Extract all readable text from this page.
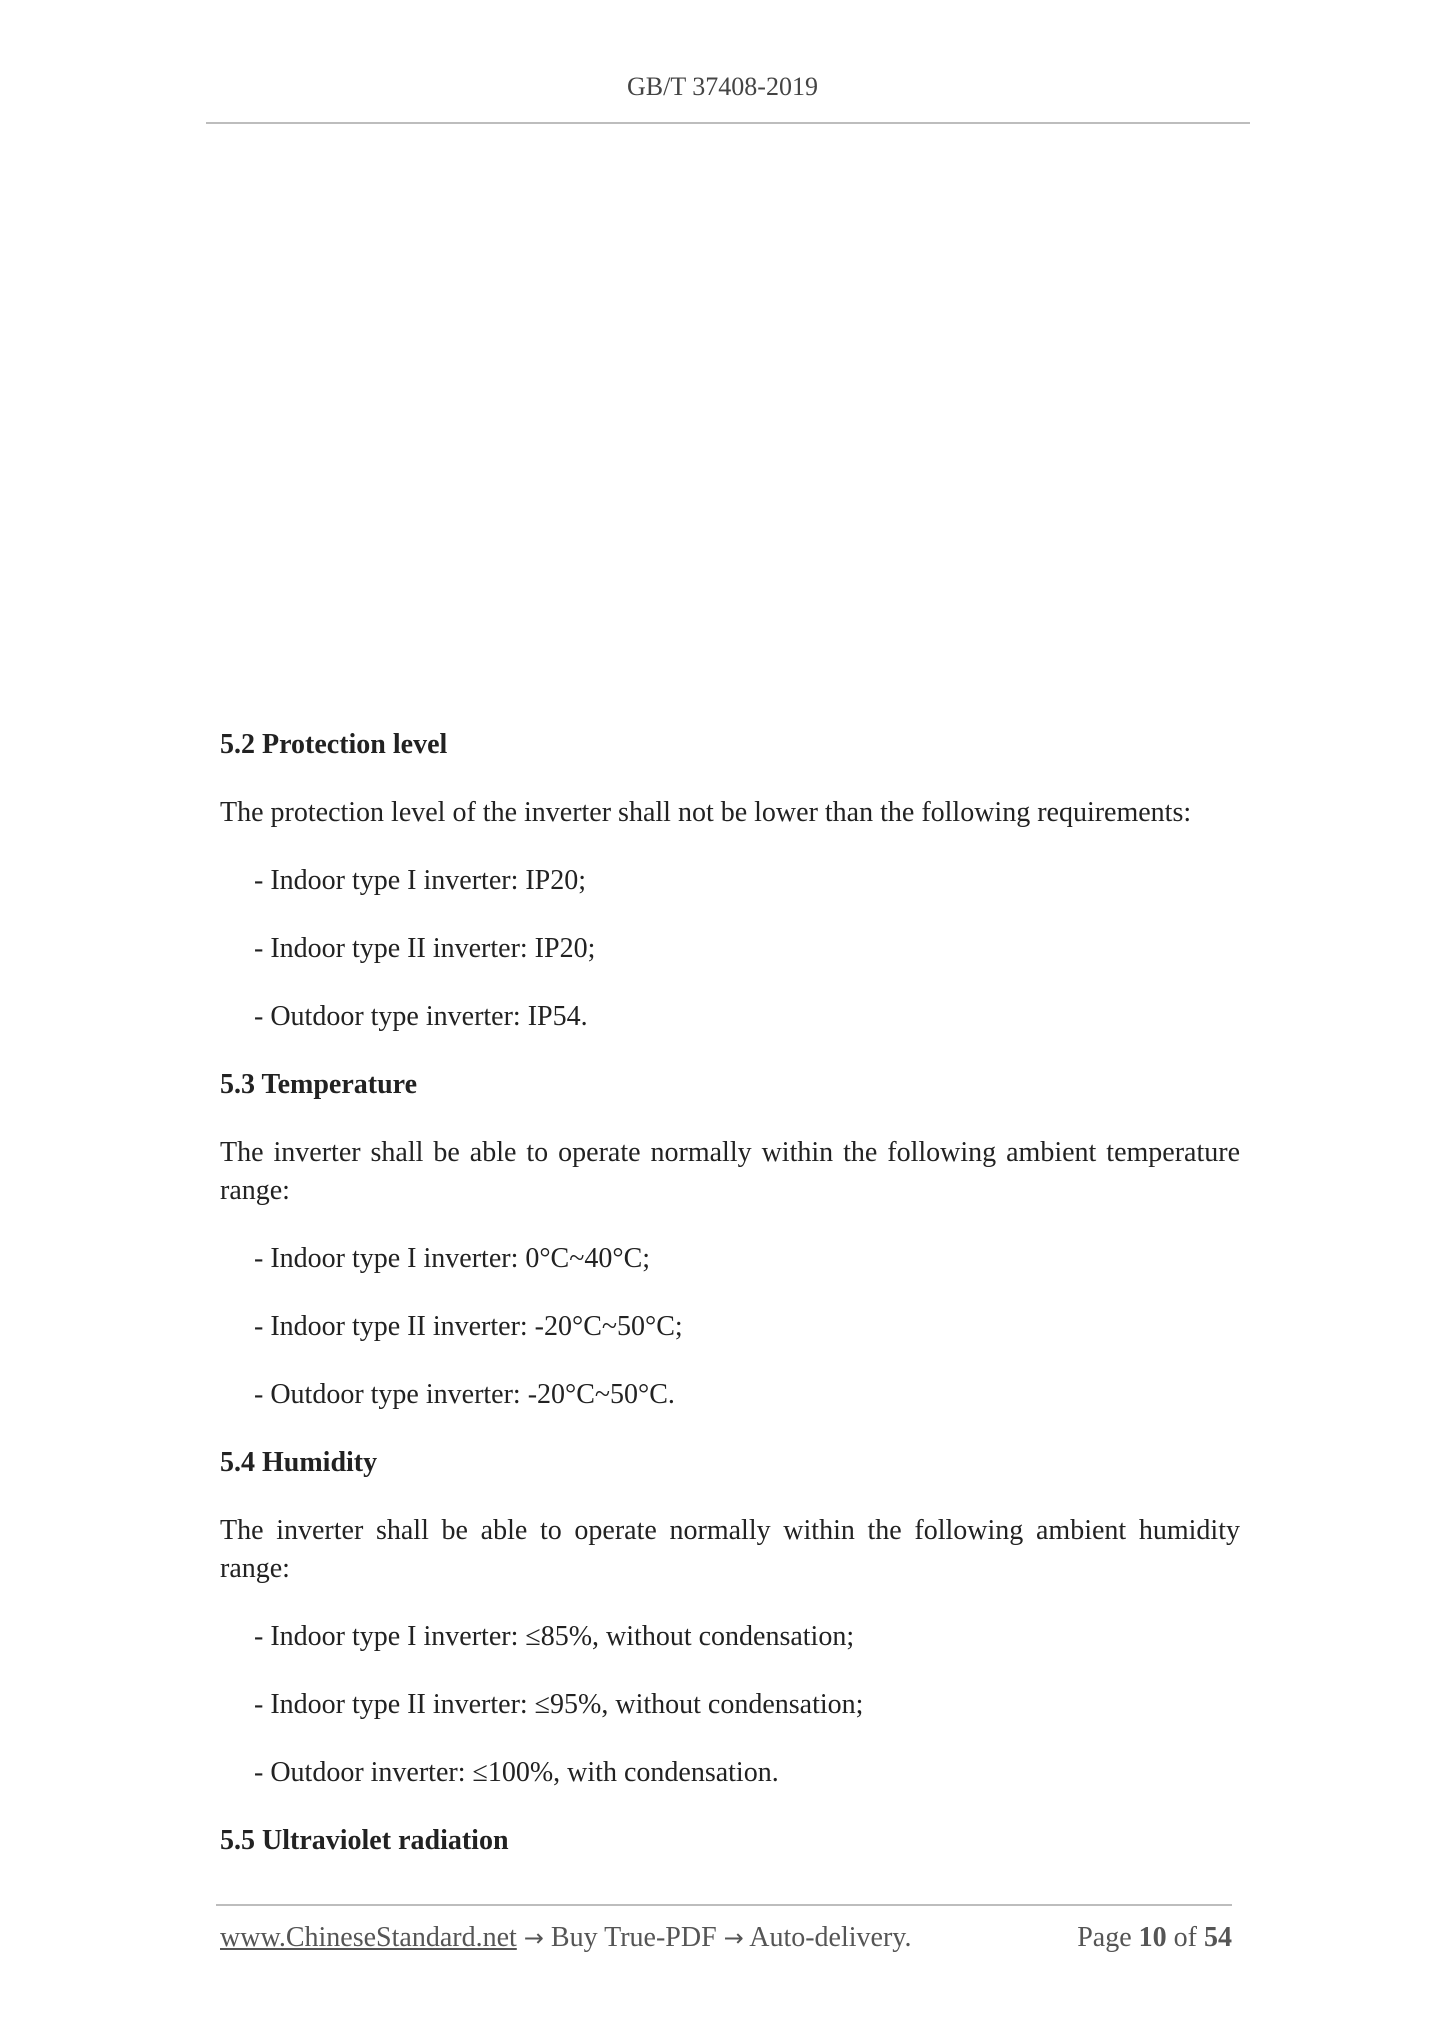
GB/T 37408-2019
5.2 Protection level
The protection level of the inverter shall not be lower than the following requirements:
- Indoor type I inverter: IP20;
- Indoor type II inverter: IP20;
- Outdoor type inverter: IP54.
5.3 Temperature
The inverter shall be able to operate normally within the following ambient temperature range:
- Indoor type I inverter: 0°C~40°C;
- Indoor type II inverter: -20°C~50°C;
- Outdoor type inverter: -20°C~50°C.
5.4 Humidity
The inverter shall be able to operate normally within the following ambient humidity range:
- Indoor type I inverter: ≤85%, without condensation;
- Indoor type II inverter: ≤95%, without condensation;
- Outdoor inverter: ≤100%, with condensation.
5.5 Ultraviolet radiation
www.ChineseStandard.net → Buy True-PDF → Auto-delivery.	Page 10 of 54
